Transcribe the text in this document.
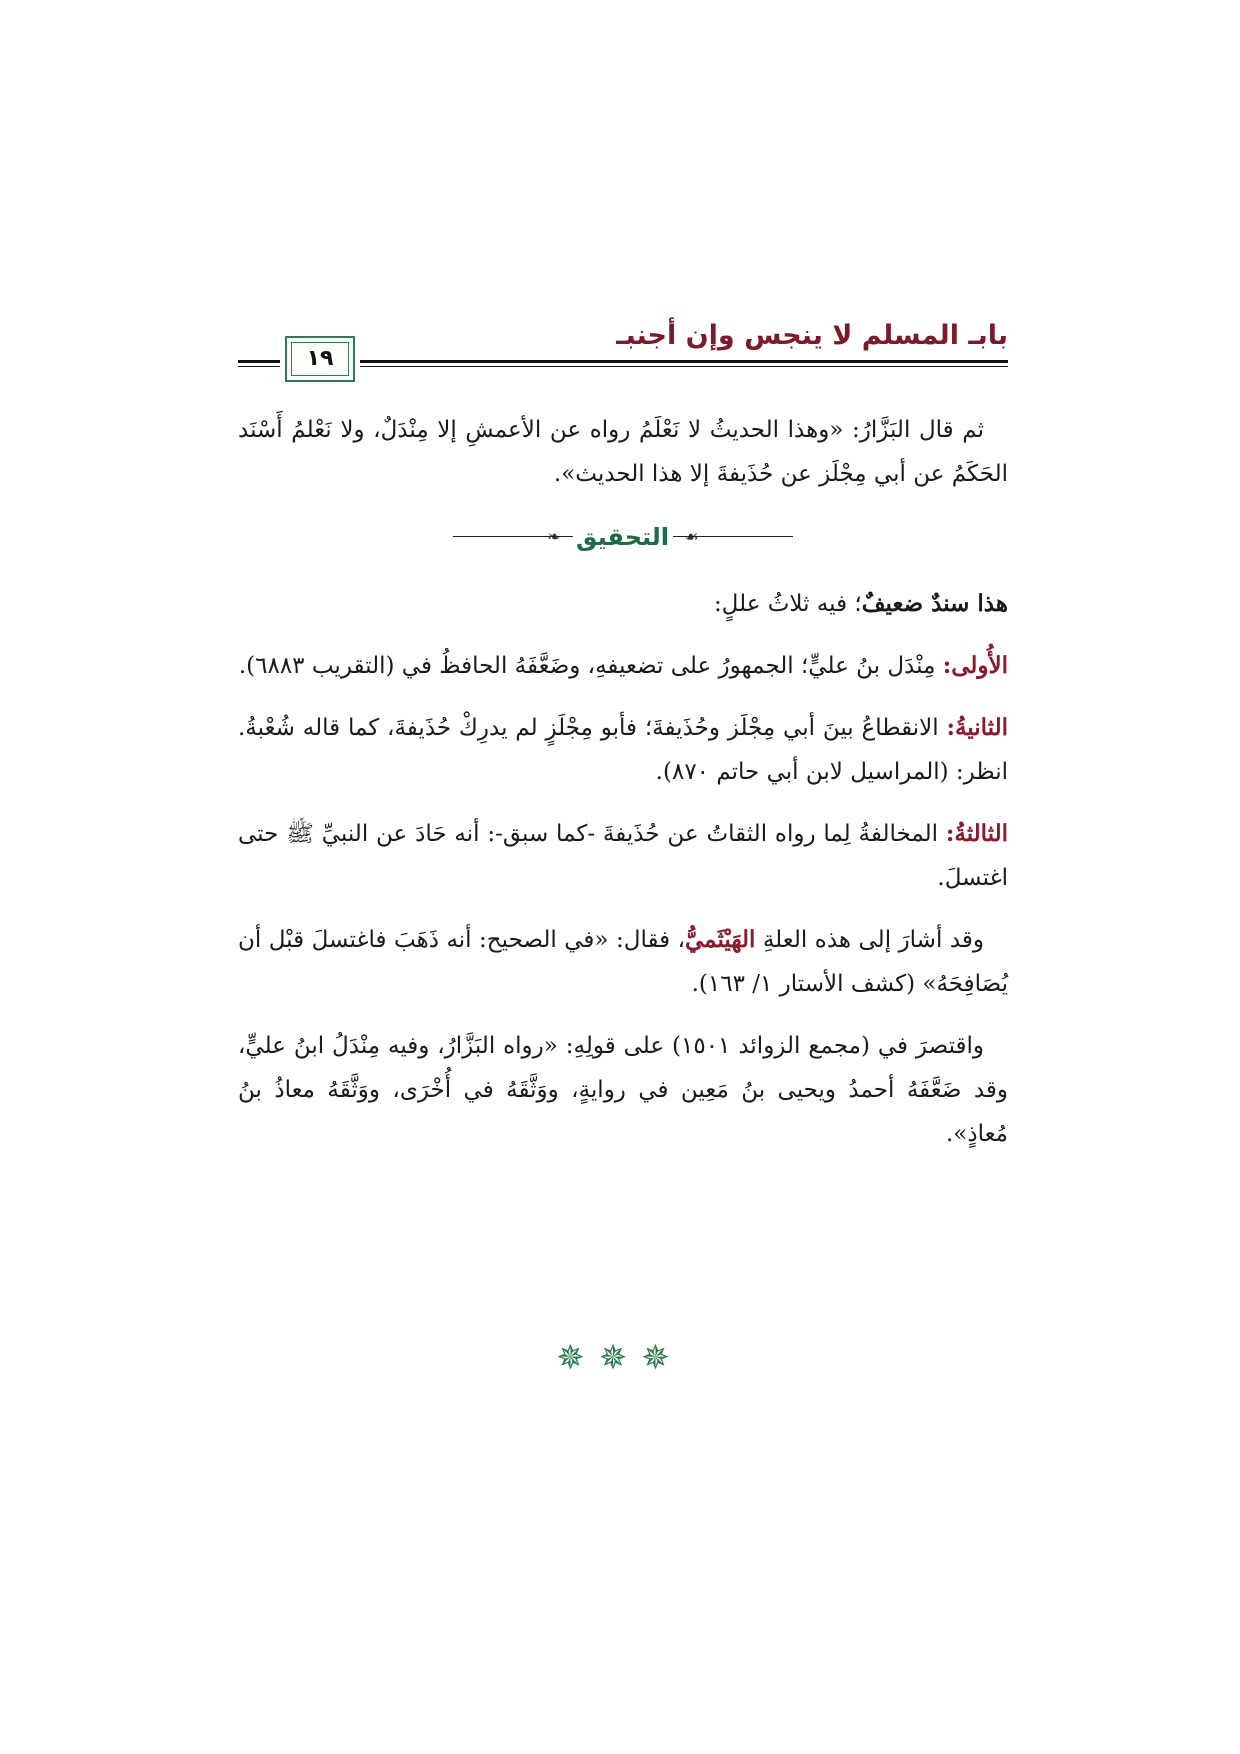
بابـ المسلم لا ينجس وإن أجنبـ
١٩

ثم قال البَزَّارُ: «وهذا الحديثُ لا نَعْلَمُ رواه عن الأعمشِ إلا مِنْدَلٌ، ولا نَعْلمُ أَسْنَد الحَكَمُ عن أبي مِجْلَز عن حُذَيفةَ إلا هذا الحديث».

☙ التحقيق ❧

هذا سندٌ ضعيفٌ؛ فيه ثلاثُ عللٍ:

الأُولى: مِنْدَل بنُ عليٍّ؛ الجمهورُ على تضعيفهِ، وضَعَّفَهُ الحافظُ في (التقريب ٦٨٨٣).

الثانيةُ: الانقطاعُ بينَ أبي مِجْلَز وحُذَيفةَ؛ فأبو مِجْلَزٍ لم يدرِكْ حُذَيفةَ، كما قاله شُعْبةُ. انظر: (المراسيل لابن أبي حاتم ٨٧٠).

الثالثةُ: المخالفةُ لِما رواه الثقاتُ عن حُذَيفةَ -كما سبق-: أنه حَادَ عن النبيِّ ﷺ حتى اغتسلَ.

وقد أشارَ إلى هذه العلةِ الهَيْثَميُّ، فقال: «في الصحيح: أنه ذَهَبَ فاغتسلَ قبْل أن يُصَافِحَهُ» (كشف الأستار ١/ ١٦٣).

واقتصرَ في (مجمع الزوائد ١٥٠١) على قولِهِ: «رواه البَزَّارُ، وفيه مِنْدَلُ ابنُ عليٍّ، وقد ضَعَّفَهُ أحمدُ ويحيى بنُ مَعِين في روايةٍ، ووَثَّقَهُ في أُخْرَى، ووَثَّقَهُ معاذُ بنُ مُعاذٍ».

✵✵✵
